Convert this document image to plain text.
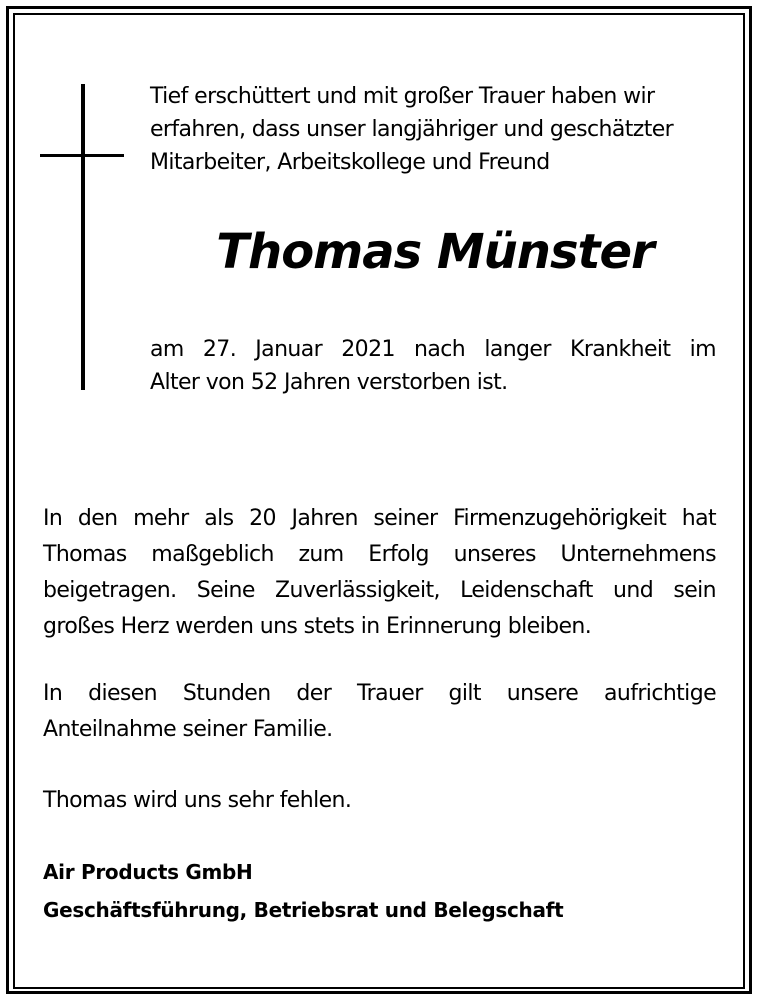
Tief erschüttert und mit großer Trauer haben wir
erfahren, dass unser langjähriger und geschätzter
Mitarbeiter, Arbeitskollege und Freund
Thomas Münster
am 27. Januar 2021 nach langer Krankheit im
Alter von 52 Jahren verstorben ist.
In den mehr als 20 Jahren seiner Firmenzugehörigkeit hat
Thomas maßgeblich zum Erfolg unseres Unternehmens
beigetragen. Seine Zuverlässigkeit, Leidenschaft und sein
großes Herz werden uns stets in Erinnerung bleiben.
In diesen Stunden der Trauer gilt unsere aufrichtige
Anteilnahme seiner Familie.
Thomas wird uns sehr fehlen.
Air Products GmbH
Geschäftsführung, Betriebsrat und Belegschaft
